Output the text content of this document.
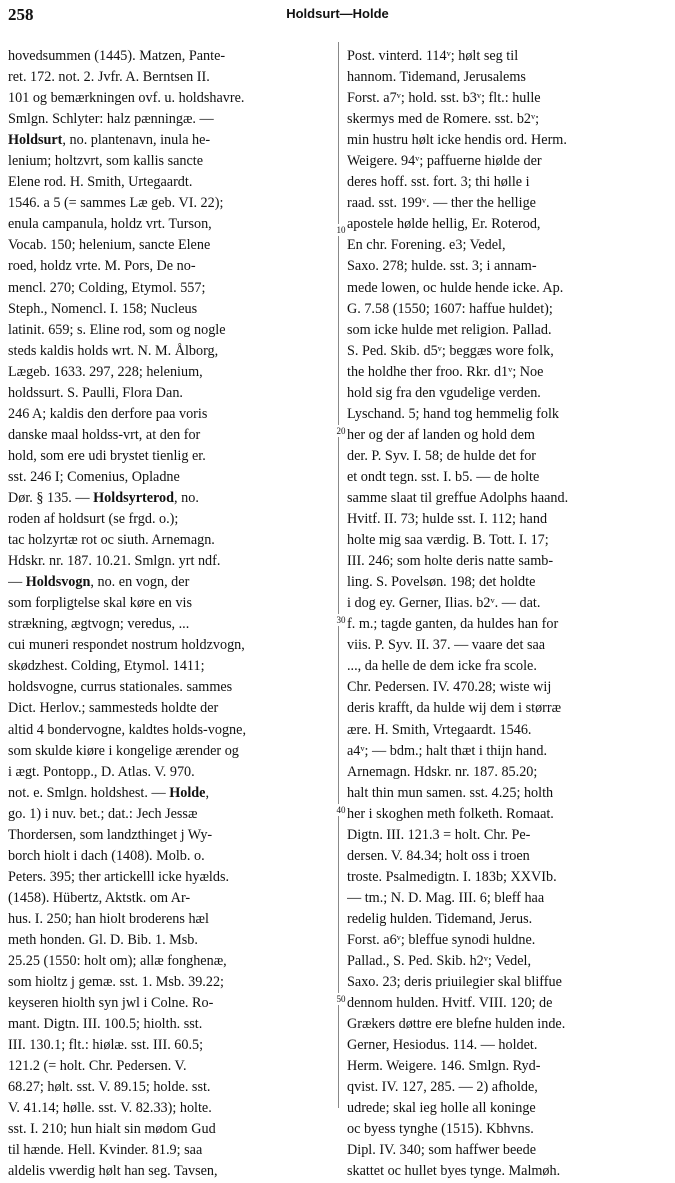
258	Holdsurt—Holde
10
20
30
40
50
hovedsummen (1445). Matzen, Pante-
ret. 172. not. 2. Jvfr. A. Berntsen II.
101 og bemærkningen ovf. u. holdshavre.
Smlgn. Schlyter: halz pænningæ. —
Holdsurt, no. plantenavn, inula he-
lenium; holtzvrt, som kallis sancte
Elene rod. H. Smith, Urtegaardt.
1546. a 5 (= sammes Læ geb. VI. 22);
enula campanula, holdz vrt. Turson,
Vocab. 150; helenium, sancte Elene
roed, holdz vrte. M. Pors, De no-
mencl. 270; Colding, Etymol. 557;
Steph., Nomencl. I. 158; Nucleus
latinit. 659; s. Eline rod, som og nogle
steds kaldis holds wrt. N. M. Ålborg,
Lægeb. 1633. 297, 228; helenium,
holdssurt. S. Paulli, Flora Dan.
246 A; kaldis den derfore paa voris
danske maal holdss-vrt, at den for
hold, som ere udi brystet tienlig er.
sst. 246 I; Comenius, Opladne
Dør. § 135. — Holdsyrterod, no.
roden af holdsurt (se frgd. o.);
tac holzyrtæ rot oc siuth. Arnemagn.
Hdskr. nr. 187. 10.21. Smlgn. yrt ndf.
— Holdsvogn, no. en vogn, der
som forpligtelse skal køre en vis
strækning, ægtvogn; veredus, ...
cui muneri respondet nostrum holdzvogn,
skødzhest. Colding, Etymol. 1411;
holdsvogne, currus stationales. sammes
Dict. Herlov.; sammesteds holdte der
altid 4 bondervogne, kaldtes holds-vogne,
som skulde kiøre i kongelige ærender og
i ægt. Pontopp., D. Atlas. V. 970.
not. e. Smlgn. holdshest. — Holde,
go. 1) i nuv. bet.; dat.: Jech Jessæ
Thordersen, som landzthinget j Wy-
borch hiolt i dach (1408). Molb. o.
Peters. 395; ther artickelll icke hyælds.
(1458). Hübertz, Aktstk. om Ar-
hus. I. 250; han hiolt broderens hæl
meth honden. Gl. D. Bib. 1. Msb.
25.25 (1550: holt om); allæ fonghenæ,
som hioltz j gemæ. sst. 1. Msb. 39.22;
keyseren hiolth syn jwl i Colne. Ro-
mant. Digtn. III. 100.5; hiolth. sst.
III. 130.1; flt.: hiølæ. sst. III. 60.5;
121.2 (= holt. Chr. Pedersen. V.
68.27; hølt. sst. V. 89.15; holde. sst.
V. 41.14; hølle. sst. V. 82.33); holte.
sst. I. 210; hun hialt sin mødom Gud
til hænde. Hell. Kvinder. 81.9; saa
aldelis vwerdig hølt han seg. Tavsen,
Post. vinterd. 114ᵛ; hølt seg til
hannom. Tidemand, Jerusalems
Forst. a7ᵛ; hold. sst. b3ᵛ; flt.: hulle
skermys med de Romere. sst. b2ᵛ;
min hustru hølt icke hendis ord. Herm.
Weigere. 94ᵛ; paffuerne hiølde der
deres hoff. sst. fort. 3; thi hølle i
raad. sst. 199ᵛ. — ther the hellige
apostele hølde hellig, Er. Roterod,
En chr. Forening. e3; Vedel,
Saxo. 278; hulde. sst. 3; i annam-
mede lowen, oc hulde hende icke. Ap.
G. 7.58 (1550; 1607: haffue huldet);
som icke hulde met religion. Pallad.
S. Ped. Skib. d5ᵛ; beggæs wore folk,
the holdhe ther froo. Rkr. d1ᵛ; Noe
hold sig fra den vgudelige verden.
Lyschand. 5; hand tog hemmelig folk
her og der af landen og hold dem
der. P. Syv. I. 58; de hulde det for
et ondt tegn. sst. I. b5. — de holte
samme slaat til greffue Adolphs haand.
Hvitf. II. 73; hulde sst. I. 112; hand
holte mig saa værdig. B. Tott. I. 17;
III. 246; som holte deris natte samb-
ling. S. Povelsøn. 198; det holdte
i dog ey. Gerner, Ilias. b2ᵛ. — dat.
f. m.; tagde ganten, da huldes han for
viis. P. Syv. II. 37. — vaare det saa
..., da helle de dem icke fra scole.
Chr. Pedersen. IV. 470.28; wiste wij
deris krafft, da hulde wij dem i størræ
ære. H. Smith, Vrtegaardt. 1546.
a4ᵛ; — bdm.; halt thæt i thijn hand.
Arnemagn. Hdskr. nr. 187. 85.20;
halt thin mun samen. sst. 4.25; holth
her i skoghen meth folketh. Romaat.
Digtn. III. 121.3 = holt. Chr. Pe-
dersen. V. 84.34; holt oss i troen
troste. Psalmedigtn. I. 183b; XXVIb.
— tm.; N. D. Mag. III. 6; bleff haa
redelig hulden. Tidemand, Jerus.
Forst. a6ᵛ; bleffue synodi huldne.
Pallad., S. Ped. Skib. h2ᵛ; Vedel,
Saxo. 23; deris priuilegier skal bliffue
dennom hulden. Hvitf. VIII. 120; de
Grækers døttre ere blefne hulden inde.
Gerner, Hesiodus. 114. — holdet.
Herm. Weigere. 146. Smlgn. Ryd-
qvist. IV. 127, 285. — 2) afholde,
udrede; skal ieg holle all koninge
oc byess tynghe (1515). Kbhvns.
Dipl. IV. 340; som haffwer beede
skattet oc hullet byes tynge. Malmøh.
